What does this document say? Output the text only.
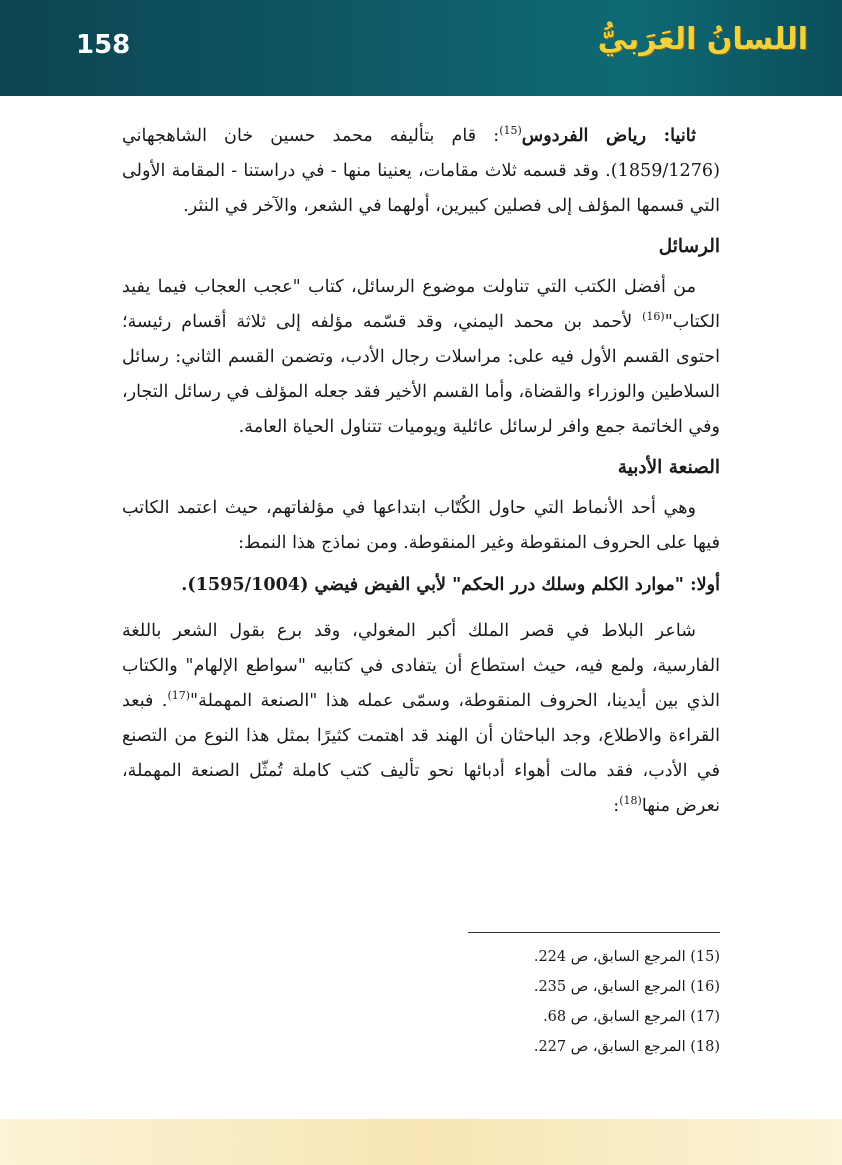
158	اللسانُ العَرَبيُّ

ثانيا: رياض الفردوس$^{(15)}$: قام بتأليفه محمد حسين خان الشاهجهاني (1859/1276). وقد قسمه ثلاث مقامات، يعنينا منها - في دراستنا - المقامة الأولى التي قسمها المؤلف إلى فصلين كبيرين، أولهما في الشعر، والآخر في النثر.

الرسائل

من أفضل الكتب التي تناولت موضوع الرسائل، كتاب "عجب العجاب فيما يفيد الكتاب"$^{(16)}$ لأحمد بن محمد اليمني، وقد قسّمه مؤلفه إلى ثلاثة أقسام رئيسة؛ احتوى القسم الأول فيه على: مراسلات رجال الأدب، وتضمن القسم الثاني: رسائل السلاطين والوزراء والقضاة، وأما القسم الأخير فقد جعله المؤلف في رسائل التجار، وفي الخاتمة جمع وافر لرسائل عائلية ويوميات تتناول الحياة العامة.

الصنعة الأدبية

وهي أحد الأنماط التي حاول الكُتّاب ابتداعها في مؤلفاتهم، حيث اعتمد الكاتب فيها على الحروف المنقوطة وغير المنقوطة. ومن نماذج هذا النمط:

أولا: "موارد الكلم وسلك درر الحكم" لأبي الفيض فيضي (1595/1004).

شاعر البلاط في قصر الملك أكبر المغولي، وقد برع بقول الشعر باللغة الفارسية، ولمع فيه، حيث استطاع أن يتفادى في كتابيه "سواطع الإلهام" والكتاب الذي بين أيدينا، الحروف المنقوطة، وسمّى عمله هذا "الصنعة المهملة"$^{(17)}$. فبعد القراءة والاطلاع، وجد الباحثان أن الهند قد اهتمت كثيرًا بمثل هذا النوع من التصنع في الأدب، فقد مالت أهواء أدبائها نحو تأليف كتب كاملة تُمثّل الصنعة المهملة، نعرض منها$^{(18)}$:

(15) المرجع السابق، ص 224.
(16) المرجع السابق، ص 235.
(17) المرجع السابق، ص 68.
(18) المرجع السابق، ص 227.
